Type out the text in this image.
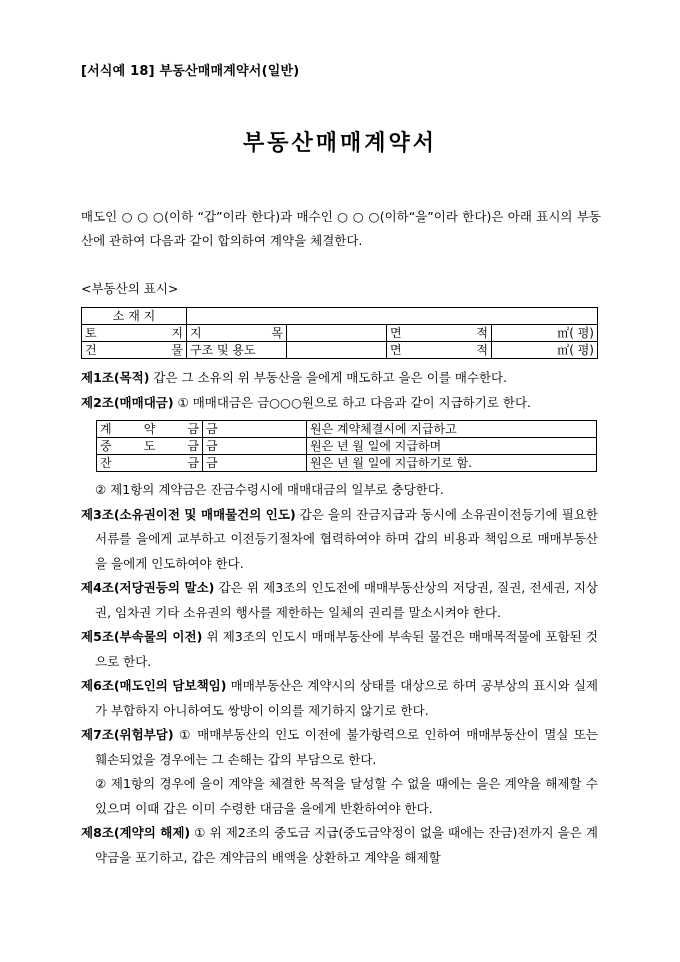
[서식예 18] 부동산매매계약서(일반)
부동산매매계약서
매도인 ○ ○ ○(이하 “갑”이라 한다)과 매수인 ○ ○ ○(이하“을”이라 한다)은 아래 표시의 부동산에 관하여 다음과 같이 합의하여 계약을 체결한다.
<부동산의 표시>
소 재 지				
토 지	지 목		면 적	㎡( 평)
건 물	구조 및 용도		면 적	㎡( 평)
제1조(목적) 갑은 그 소유의 위 부동산을 을에게 매도하고 을은 이를 매수한다.
제2조(매매대금) ① 매매대금은 금○○○원으로 하고 다음과 같이 지급하기로 한다.
계 약 금	금	원은 계약체결시에 지급하고
중 도 금	금	원은 년 월 일에 지급하며
잔 금	금	원은 년 월 일에 지급하기로 함.
② 제1항의 계약금은 잔금수령시에 매매대금의 일부로 충당한다.
제3조(소유권이전 및 매매물건의 인도) 갑은 을의 잔금지급과 동시에 소유권이전등기에 필요한 서류를 을에게 교부하고 이전등기절차에 협력하여야 하며 갑의 비용과 책임으로 매매부동산을 을에게 인도하여야 한다.
제4조(저당권등의 말소) 갑은 위 제3조의 인도전에 매매부동산상의 저당권, 질권, 전세권, 지상권, 임차권 기타 소유권의 행사를 제한하는 일체의 권리를 말소시켜야 한다.
제5조(부속물의 이전) 위 제3조의 인도시 매매부동산에 부속된 물건은 매매목적물에 포함된 것으로 한다.
제6조(매도인의 담보책임) 매매부동산은 계약시의 상태를 대상으로 하며 공부상의 표시와 실제가 부합하지 아니하여도 쌍방이 이의를 제기하지 않기로 한다.
제7조(위험부담) ① 매매부동산의 인도 이전에 불가항력으로 인하여 매매부동산이 멸실 또는 훼손되었을 경우에는 그 손해는 갑의 부담으로 한다.
② 제1항의 경우에 을이 계약을 체결한 목적을 달성할 수 없을 때에는 을은 계약을 해제할 수 있으며 이때 갑은 이미 수령한 대금을 을에게 반환하여야 한다.
제8조(계약의 해제) ① 위 제2조의 중도금 지급(중도금약정이 없을 때에는 잔금)전까지 을은 계약금을 포기하고, 갑은 계약금의 배액을 상환하고 계약을 해제할
